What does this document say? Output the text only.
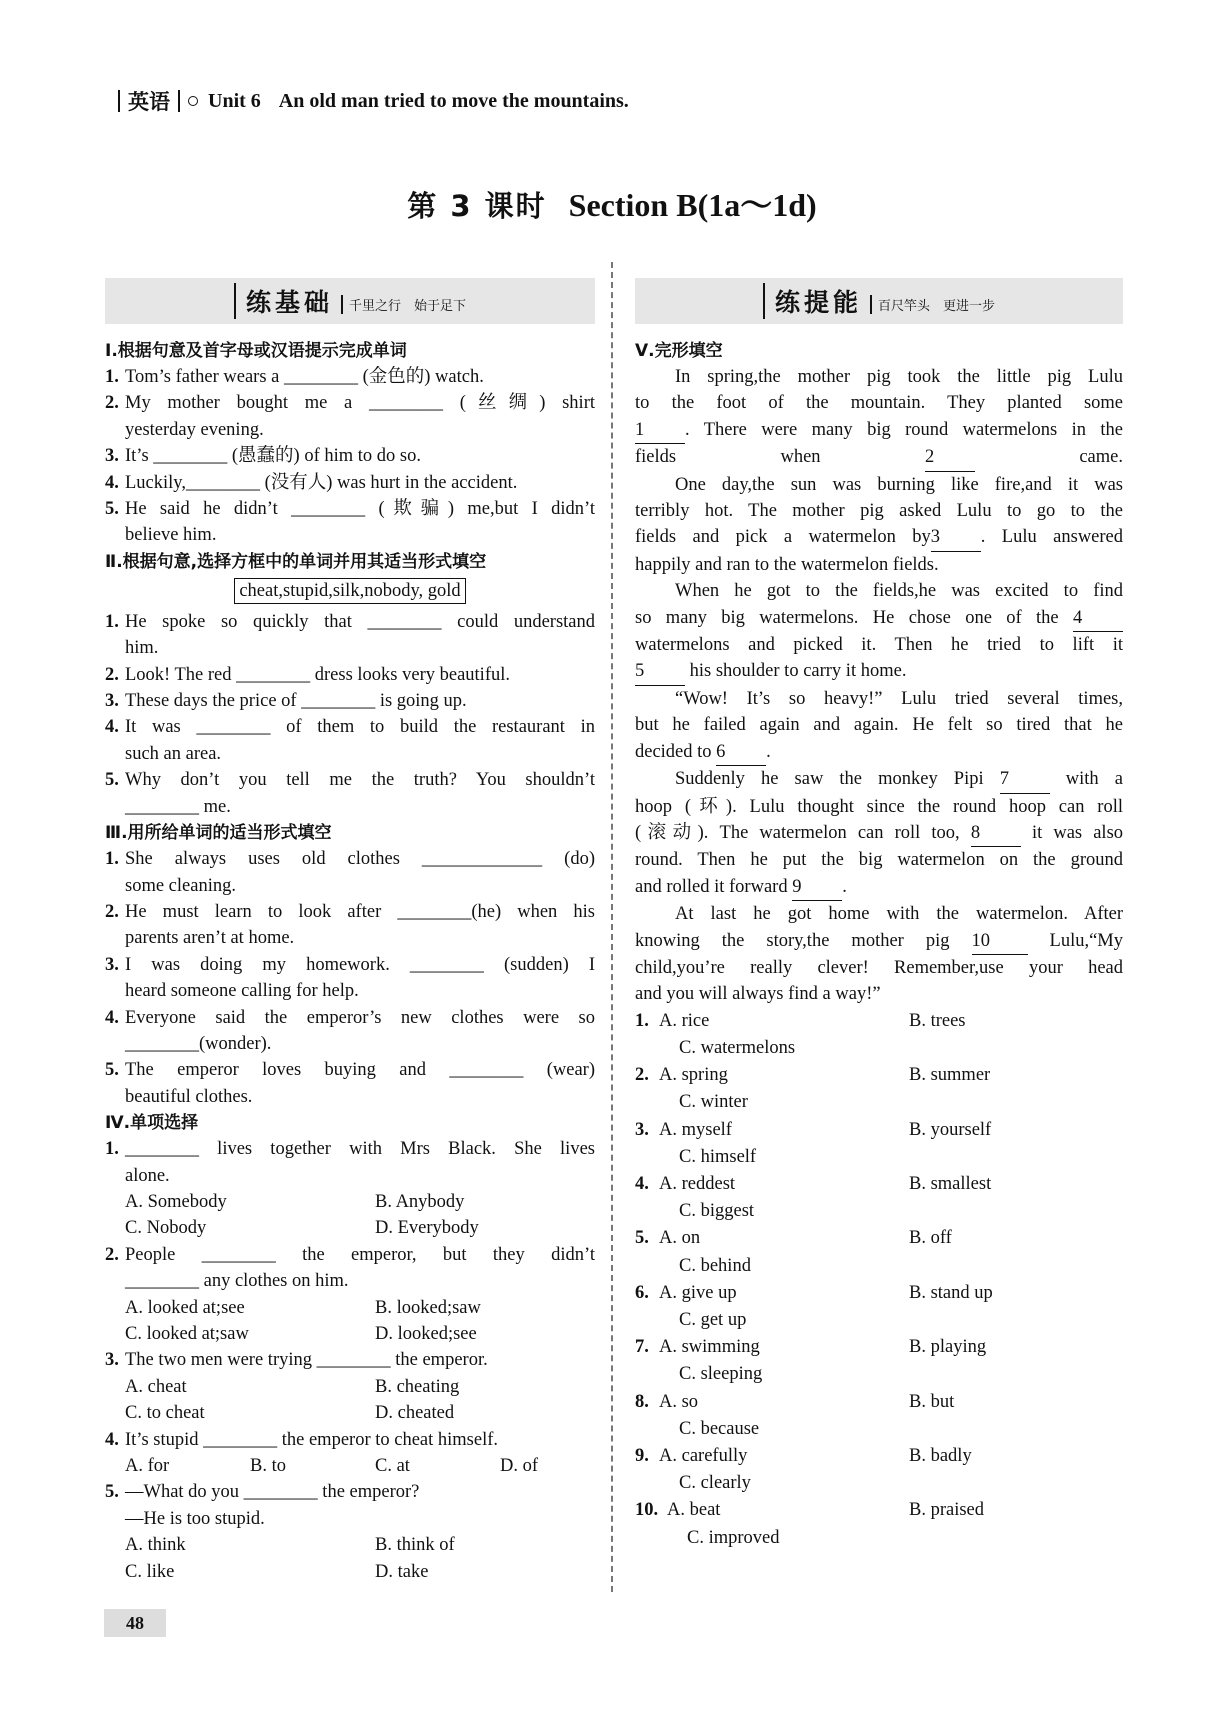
英语 Unit 6 An old man tried to move the mountains.
第 3 课时 Section B(1a～1d)
练基础	千里之行　始于足下
Ⅰ.根据句意及首字母或汉语提示完成单词
1. Tom’s father wears a ________ (金色的) watch.
2. My mother bought me a ________ (丝绸) shirt
yesterday evening.
3. It’s ________ (愚蠢的) of him to do so.
4. Luckily,________ (没有人) was hurt in the accident.
5. He said he didn’t ________ (欺骗) me,but I didn’t
believe him.
Ⅱ.根据句意,选择方框中的单词并用其适当形式填空
cheat,stupid,silk,nobody, gold
1. He spoke so quickly that ________ could understand
him.
2. Look! The red ________ dress looks very beautiful.
3. These days the price of ________ is going up.
4. It was ________ of them to build the restaurant in
such an area.
5. Why don’t you tell me the truth? You shouldn’t
________ me.
Ⅲ.用所给单词的适当形式填空
1. She always uses old clothes _____________ (do)
some cleaning.
2. He must learn to look after ________(he) when his
parents aren’t at home.
3. I was doing my homework. ________ (sudden) I
heard someone calling for help.
4. Everyone said the emperor’s new clothes were so
________(wonder).
5. The emperor loves buying and ________ (wear)
beautiful clothes.
Ⅳ.单项选择
1. ________ lives together with Mrs Black. She lives
alone.
A. Somebody	B. Anybody
C. Nobody	D. Everybody
2. People ________ the emperor, but they didn’t
________ any clothes on him.
A. looked at;see	B. looked;saw
C. looked at;saw	D. looked;see
3. The two men were trying ________ the emperor.
A. cheat	B. cheating
C. to cheat	D. cheated
4. It’s stupid ________ the emperor to cheat himself.
A. for	B. to	C. at	D. of
5. —What do you ________ the emperor?
—He is too stupid.
A. think	B. think of
C. like	D. take
练提能	百尺竿头　更进一步
Ⅴ.完形填空
In spring,the mother pig took the little pig Lulu
to the foot of the mountain. They planted some
1 . There were many big round watermelons in the
fields when	2	came.
One day,the sun was burning like fire,and it was
terribly hot. The mother pig asked Lulu to go to the
fields and pick a watermelon by3 . Lulu answered
happily and ran to the watermelon fields.
When he got to the fields,he was excited to find
so many big watermelons. He chose one of the 4
watermelons and picked it. Then he tried to lift it
5 his shoulder to carry it home.
“Wow! It’s so heavy!” Lulu tried several times,
but he failed again and again. He felt so tired that he
decided to 6 .
Suddenly he saw the monkey Pipi 7	with a
hoop (环). Lulu thought since the round hoop can roll
(滚动). The watermelon can roll too, 8	it was also
round. Then he put the big watermelon on the ground
and rolled it forward 9 .
At last he got home with the watermelon. After
knowing the story,the mother pig 10	Lulu,“My
child,you’re really clever! Remember,use your head
and you will always find a way!”
1. A. rice	B. trees
C. watermelons
2. A. spring	B. summer
C. winter
3. A. myself	B. yourself
C. himself
4. A. reddest	B. smallest
C. biggest
5. A. on	B. off
C. behind
6. A. give up	B. stand up
C. get up
7. A. swimming	B. playing
C. sleeping
8. A. so	B. but
C. because
9. A. carefully	B. badly
C. clearly
10. A. beat	B. praised
C. improved
48
